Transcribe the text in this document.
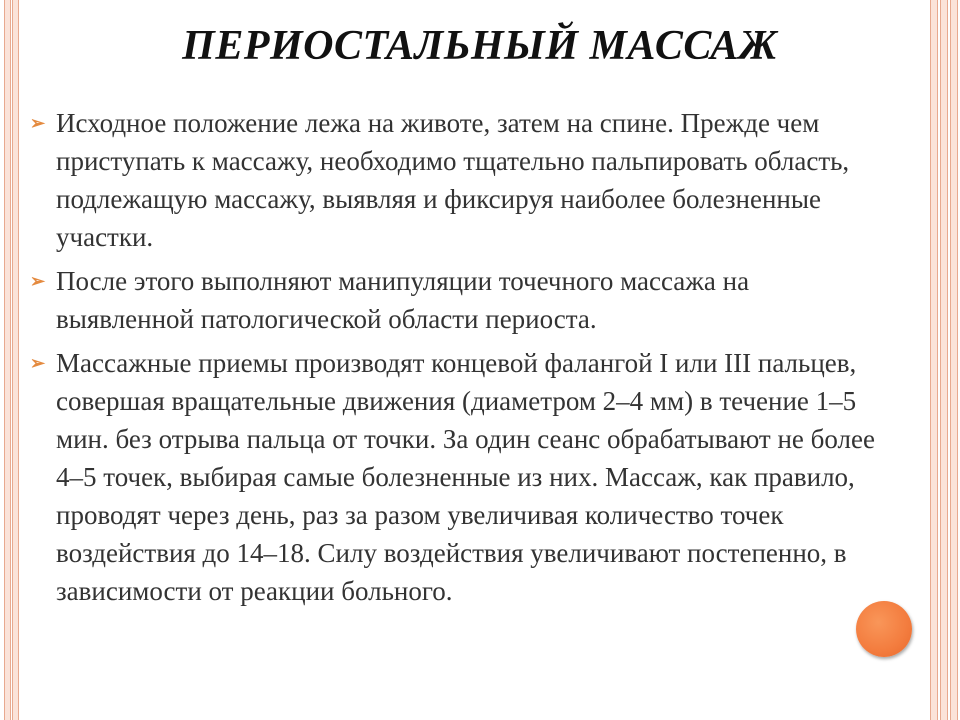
ПЕРИОСТАЛЬНЫЙ МАССАЖ
➢ Исходное положение лежа на животе, затем на спине. Прежде чем приступать к массажу, необходимо тщательно пальпировать область, подлежащую массажу, выявляя и фиксируя наиболее болезненные участки.
➢ После этого выполняют манипуляции точечного массажа на выявленной патологической области периоста.
➢ Массажные приемы производят концевой фалангой I или III пальцев, совершая вращательные движения (диаметром 2–4 мм) в течение 1–5 мин. без отрыва пальца от точки. За один сеанс обрабатывают не более 4–5 точек, выбирая самые болезненные из них. Массаж, как правило, проводят через день, раз за разом увеличивая количество точек воздействия до 14–18. Силу воздействия увеличивают постепенно, в зависимости от реакции больного.
